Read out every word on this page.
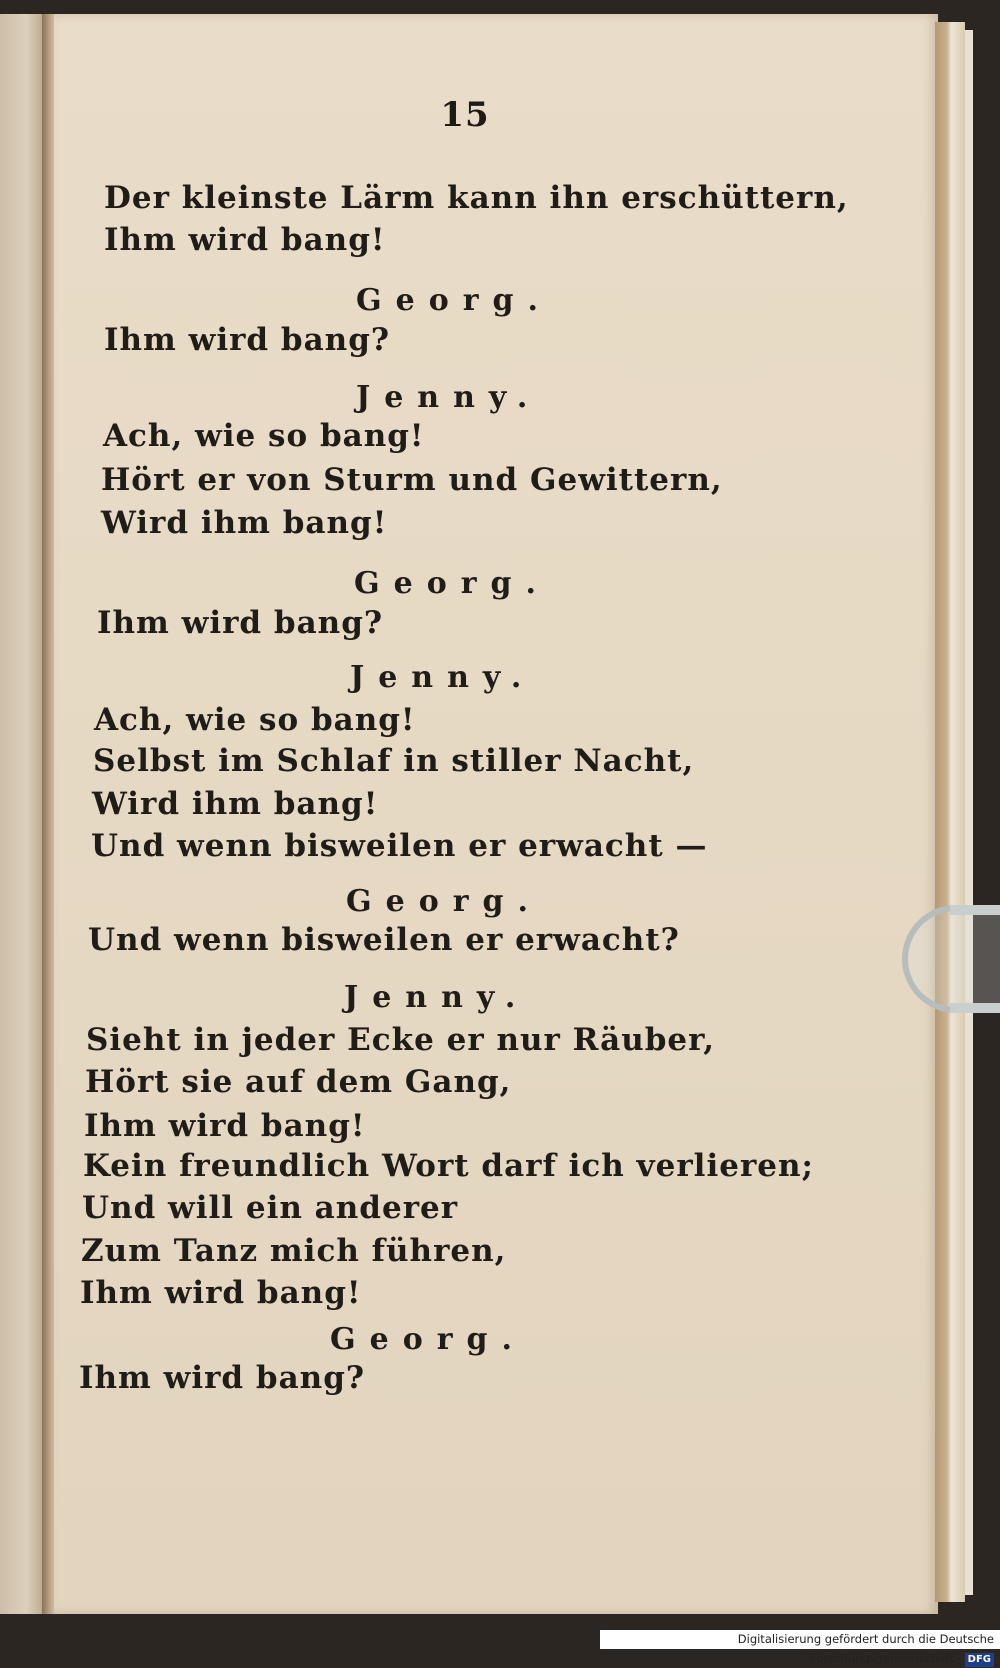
15
Der kleinste Lärm kann ihn erschüttern,
Ihm wird bang!
Georg.
Ihm wird bang?
Jenny.
Ach, wie so bang!
Hört er von Sturm und Gewittern,
Wird ihm bang!
Georg.
Ihm wird bang?
Jenny.
Ach, wie so bang!
Selbst im Schlaf in stiller Nacht,
Wird ihm bang!
Und wenn bisweilen er erwacht —
Georg.
Und wenn bisweilen er erwacht?
Jenny.
Sieht in jeder Ecke er nur Räuber,
Hört sie auf dem Gang,
Ihm wird bang!
Kein freundlich Wort darf ich verlieren;
Und will ein anderer
Zum Tanz mich führen,
Ihm wird bang!
Georg.
Ihm wird bang?
Digitalisierung gefördert durch die Deutsche Forschungsgemeinschaft - DFG
